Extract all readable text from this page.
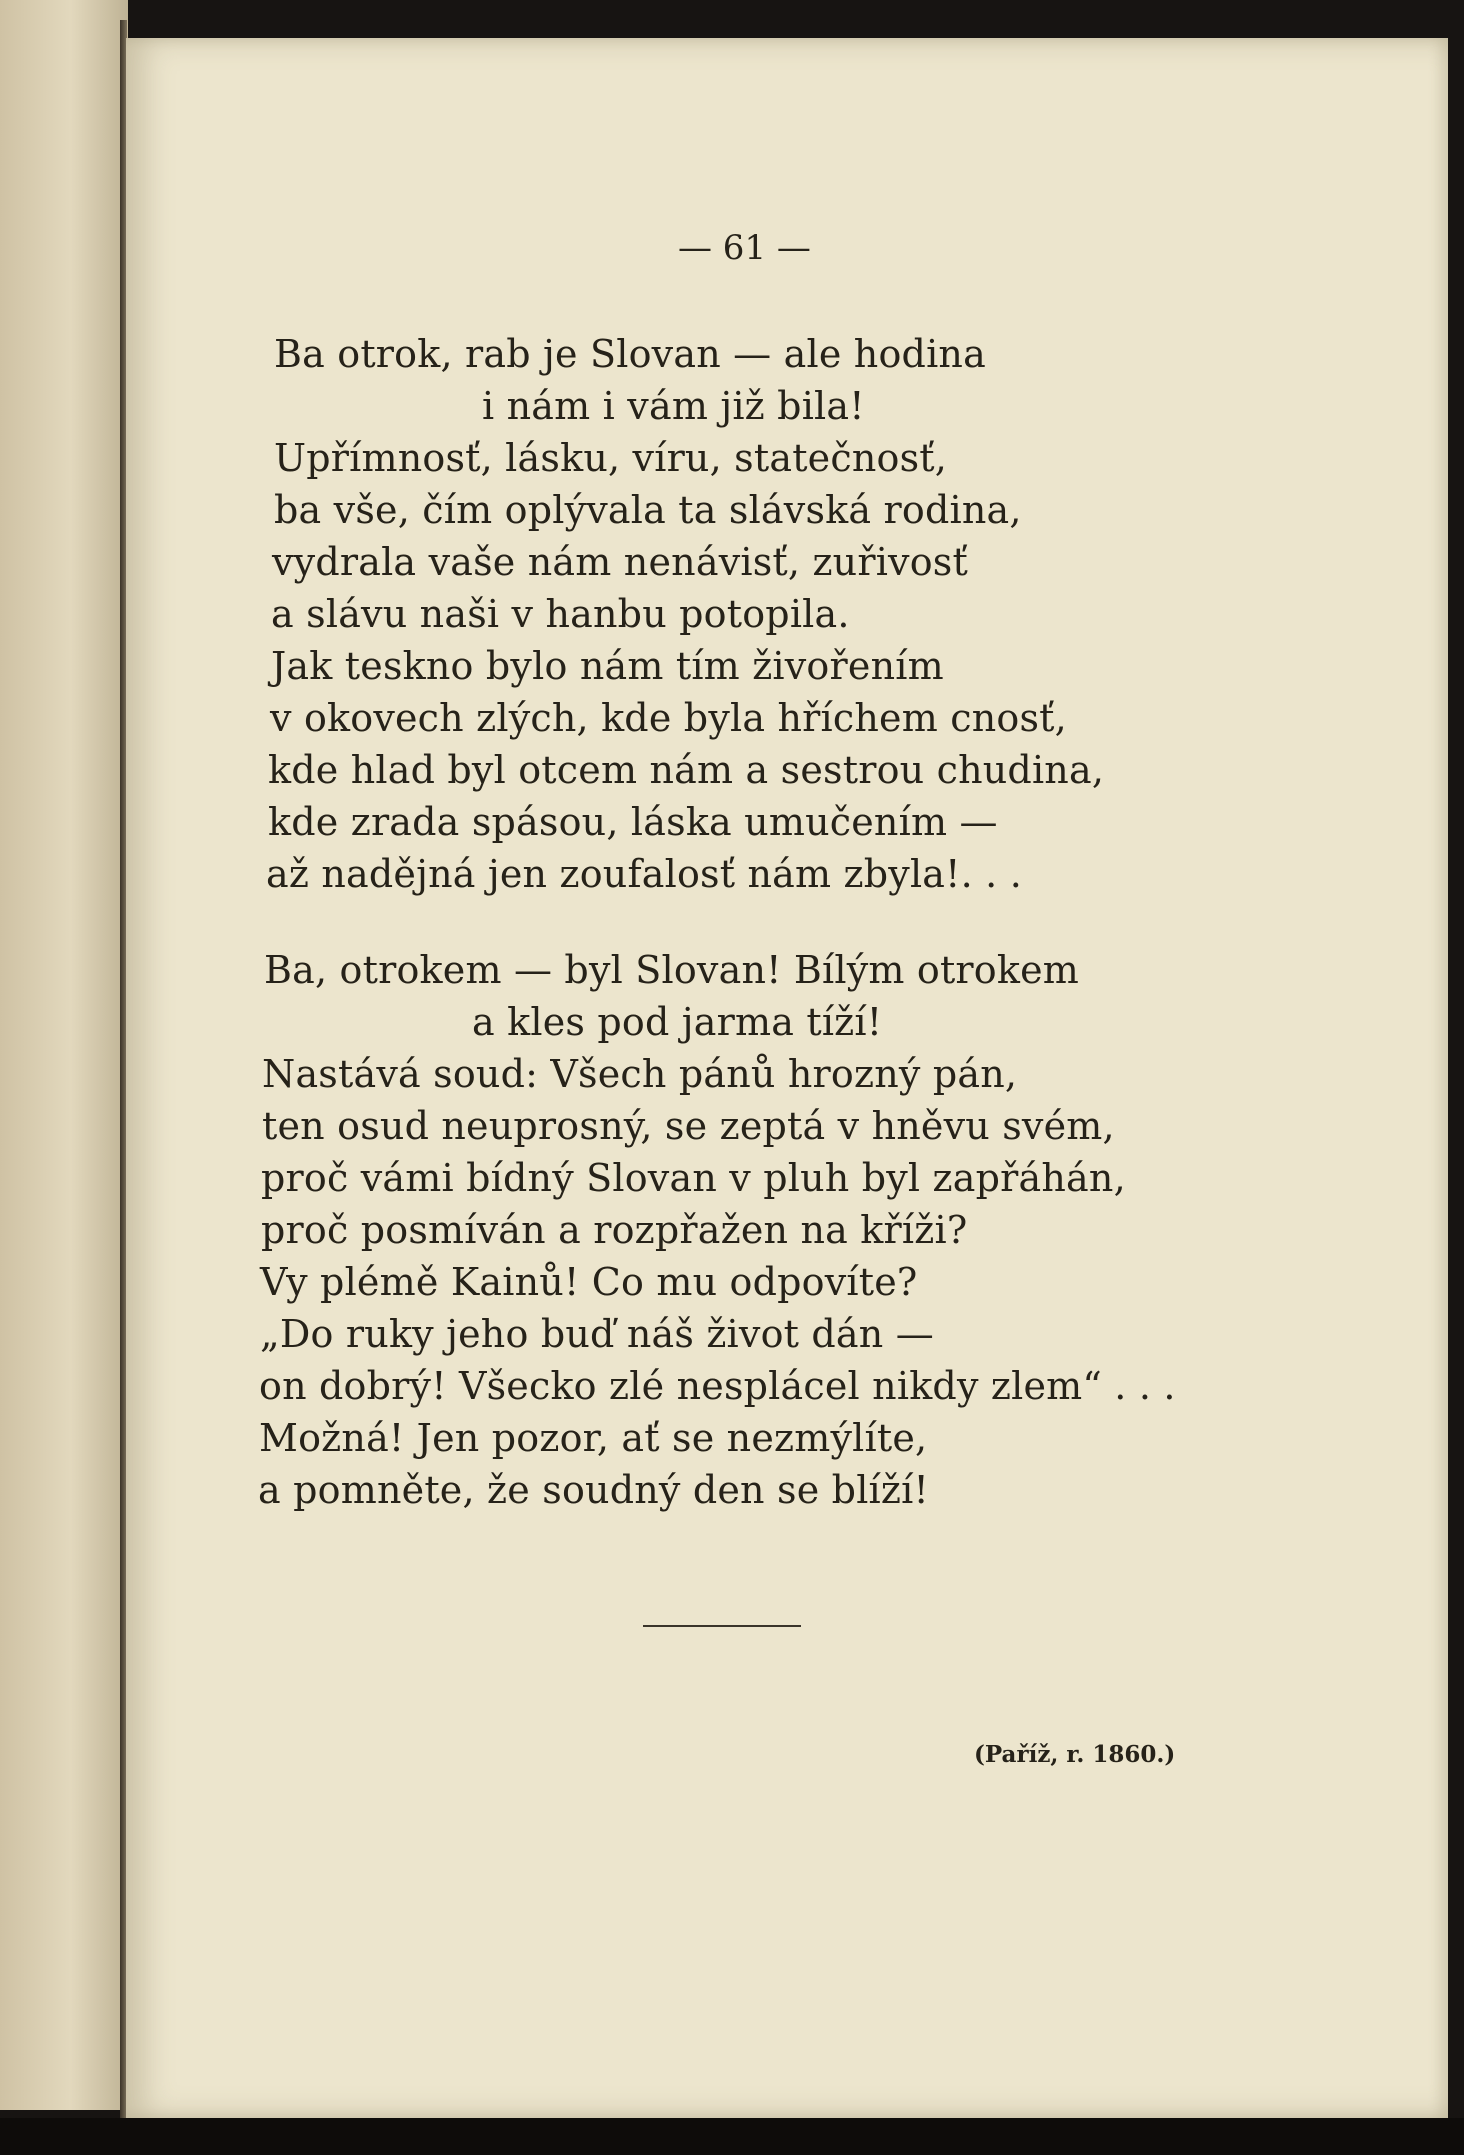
— 61 —
Ba otrok, rab je Slovan — ale hodina
i nám i vám již bila!
Upřímnosť, lásku, víru, statečnosť,
ba vše, čím oplývala ta slávská rodina,
vydrala vaše nám nenávisť, zuřivosť
a slávu naši v hanbu potopila.
Jak teskno bylo nám tím živořením
v okovech zlých, kde byla hříchem cnosť,
kde hlad byl otcem nám a sestrou chudina,
kde zrada spásou, láska umučením —
až nadějná jen zoufalosť nám zbyla!. . .
Ba, otrokem — byl Slovan! Bílým otrokem
a kles pod jarma tíží!
Nastává soud: Všech pánů hrozný pán,
ten osud neuprosný, se zeptá v hněvu svém,
proč vámi bídný Slovan v pluh byl zapřáhán,
proč posmíván a rozpřažen na kříži?
Vy plémě Kainů! Co mu odpovíte?
„Do ruky jeho buď náš život dán —
on dobrý! Všecko zlé nesplácel nikdy zlem“ . . .
Možná! Jen pozor, ať se nezmýlíte,
a pomněte, že soudný den se blíží!
(Paříž, r. 1860.)
